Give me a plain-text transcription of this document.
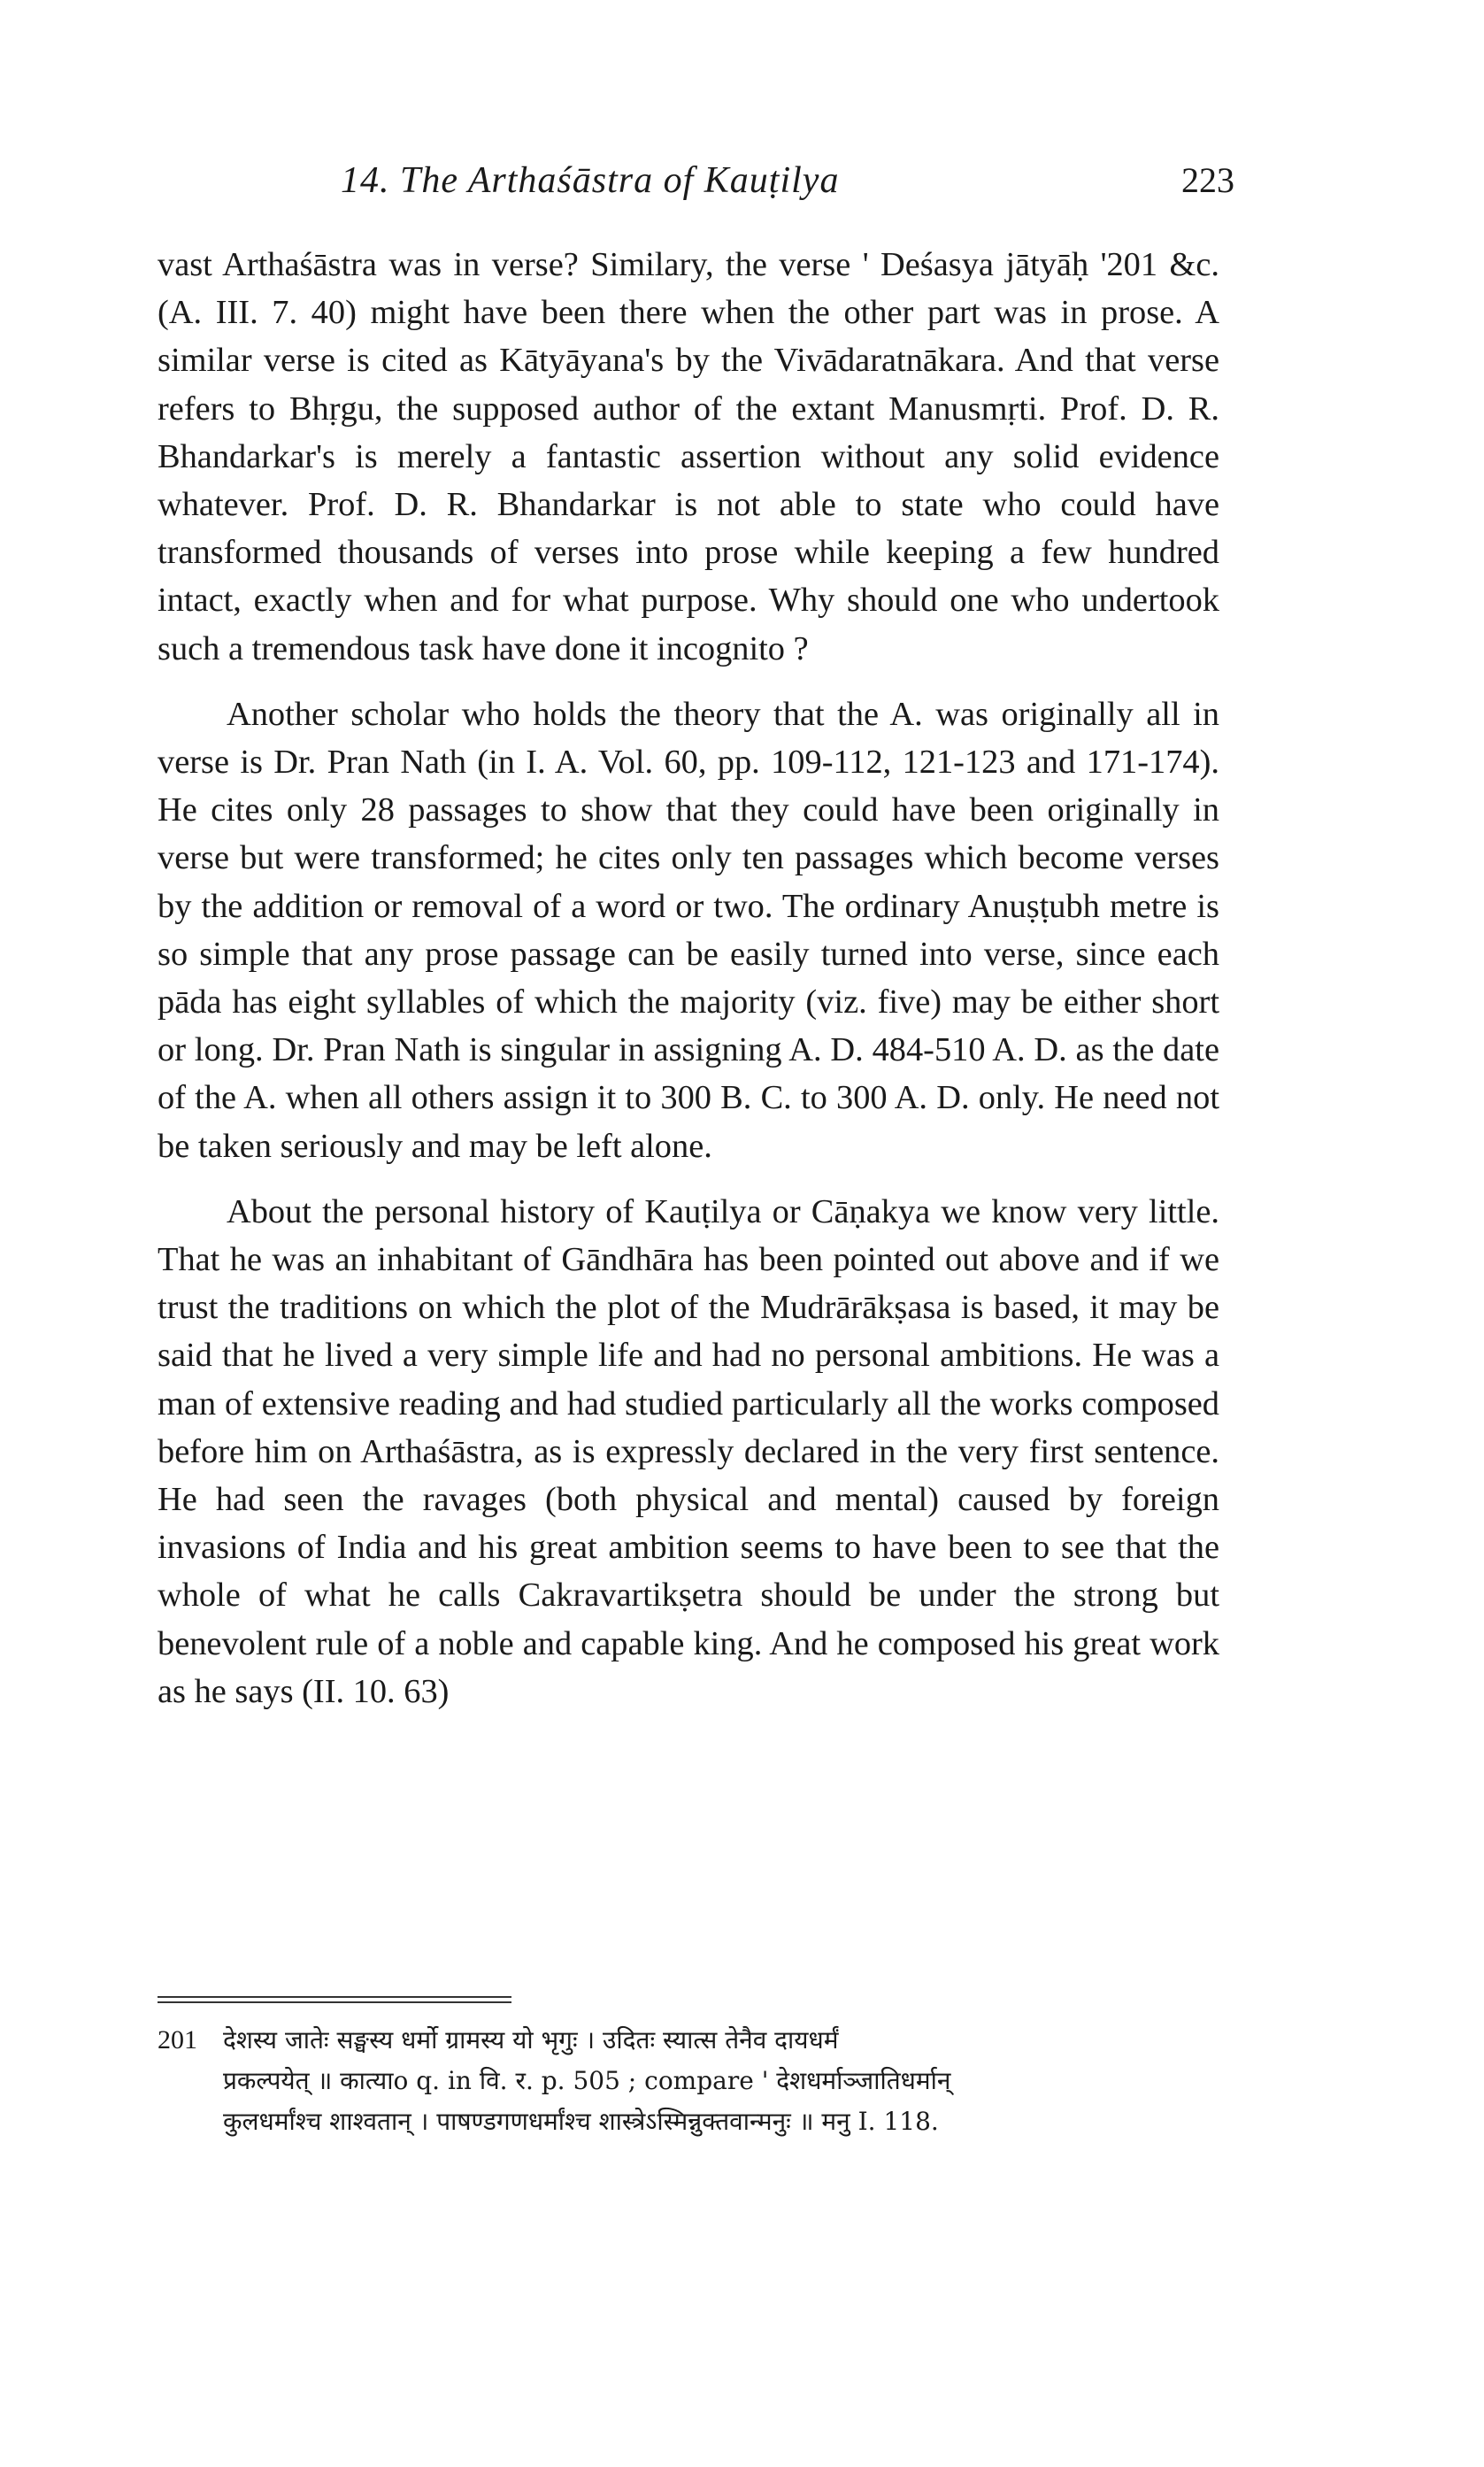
14. The Arthaśāstra of Kauṭilya	223

vast Arthaśāstra was in verse? Similary, the verse ' Deśasya jātyāḥ '201 &c. (A. III. 7. 40) might have been there when the other part was in prose. A similar verse is cited as Kātyāyana's by the Vivādaratnākara. And that verse refers to Bhṛgu, the supposed author of the extant Manusmṛti. Prof. D. R. Bhandarkar's is merely a fantastic assertion without any solid evidence whatever. Prof. D. R. Bhandarkar is not able to state who could have transformed thousands of verses into prose while keeping a few hundred intact, exactly when and for what purpose. Why should one who undertook such a tremendous task have done it incognito ?

Another scholar who holds the theory that the A. was originally all in verse is Dr. Pran Nath (in I. A. Vol. 60, pp. 109-112, 121-123 and 171-174). He cites only 28 passages to show that they could have been originally in verse but were transformed; he cites only ten passages which become verses by the addition or removal of a word or two. The ordinary Anuṣṭubh metre is so simple that any prose passage can be easily turned into verse, since each pāda has eight syllables of which the majority (viz. five) may be either short or long. Dr. Pran Nath is singular in assigning A. D. 484-510 A. D. as the date of the A. when all others assign it to 300 B. C. to 300 A. D. only. He need not be taken seriously and may be left alone.

About the personal history of Kauṭilya or Cāṇakya we know very little. That he was an inhabitant of Gāndhāra has been pointed out above and if we trust the traditions on which the plot of the Mudrārākṣasa is based, it may be said that he lived a very simple life and had no personal ambitions. He was a man of extensive reading and had studied particularly all the works composed before him on Arthaśāstra, as is expressly declared in the very first sentence. He had seen the ravages (both physical and mental) caused by foreign invasions of India and his great ambition seems to have been to see that the whole of what he calls Cakravartikṣetra should be under the strong but benevolent rule of a noble and capable king. And he composed his great work as he says (II. 10. 63)

201 देशस्य जातेः सङ्घस्य धर्मो ग्रामस्य यो भृगुः । उदितः स्यात्स तेनैव दायधर्मं
प्रकल्पयेत् ॥ कात्याo q. in वि. र. p. 505 ; compare ' देशधर्माञ्जातिधर्मान्
कुलधर्मांश्च शाश्वतान् । पाषण्डगणधर्मांश्च शास्त्रेऽस्मिन्नुक्तवान्मनुः ॥ मनु I. 118.
